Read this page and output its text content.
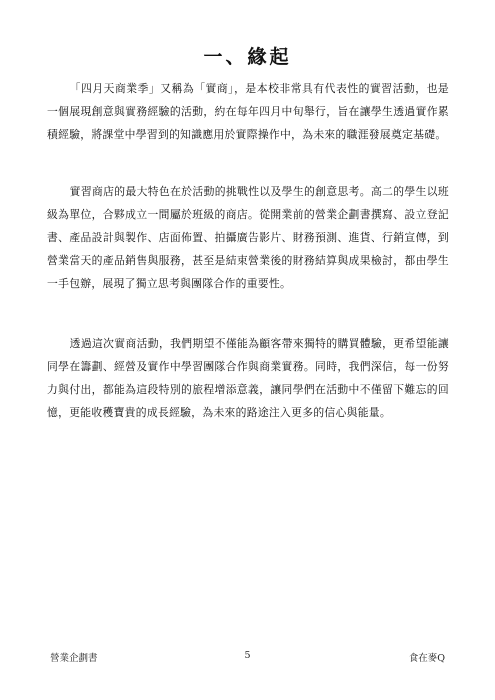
一、緣起

「四月天商業季」又稱為「實商」，是本校非常具有代表性的實習活動，也是一個展現創意與實務經驗的活動，約在每年四月中旬舉行，旨在讓學生透過實作累積經驗，將課堂中學習到的知識應用於實際操作中，為未來的職涯發展奠定基礎。

實習商店的最大特色在於活動的挑戰性以及學生的創意思考。高二的學生以班級為單位，合夥成立一間屬於班級的商店。從開業前的營業企劃書撰寫、設立登記書、產品設計與製作、店面佈置、拍攝廣告影片、財務預測、進貨、行銷宣傳，到營業當天的產品銷售與服務，甚至是結束營業後的財務結算與成果檢討，都由學生一手包辦，展現了獨立思考與團隊合作的重要性。

透過這次實商活動，我們期望不僅能為顧客帶來獨特的購買體驗，更希望能讓同學在籌劃、經營及實作中學習團隊合作與商業實務。同時，我們深信，每一份努力與付出，都能為這段特別的旅程增添意義，讓同學們在活動中不僅留下難忘的回憶，更能收穫寶貴的成長經驗，為未來的路途注入更多的信心與能量。

營業企劃書	5	食在麥Q
